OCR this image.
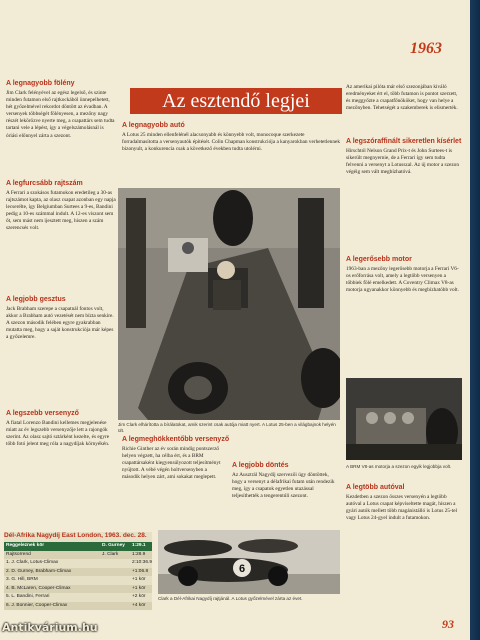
1963
Az esztendő legjei
A legnagyobb fölény
Jim Clark felényével az egész legelső, és szinte minden futamon első rajtkockából ünnepelhetett, hét győzelmével rekordot döntött az évadban. A versenyek többségét fölényesen, a mezőny nagy részét lekörözve nyerte meg, a csapattárs sem tudta tartani vele a lépést, így a végelszámolásnál is óriási előnnyel zárta a szezont.
A legfurcsább rajtszám
A Ferrari a szokásos futamokon eredetileg a 30-as rajtszámot kapta, az olasz csapat azonban egy napja lecserélte, így Belgiumban Surtees a 9-es, Bandini pedig a 10-es számmal indult. A 12-es viszont sem őt, sem mást nem ijesztett meg, hiszen a szám szerencsés volt.
A legjobb gesztus
Jack Brabham szerepe a csapatnál fontos volt, akkor a Brabham autó vezetését nem bízta senkire. A szezon második felében egyre gyakrabban mutatta meg, hogy a saját konstrukciója már képes a győzelemre.
A legszebb versenyző
A fiatal Lorenzo Bandini kellemes megjelenése miatt az év legszebb versenyzője lett a rajongók szerint. Az olasz sajtó sztárként kezelte, és egyre több fotó jelent meg róla a nagydíjak környékén.
A legnagyobb autó
A Lotus 25 minden ellenfelénél alacsonyabb és könnyebb volt, monocoque szerkezete forradalmasította a versenyautók építését. Colin Chapman konstrukciója a kanyarokban verhetetlennek bizonyult, a konkurencia csak a következő években tudta utolérni.
Jim Clark elhárította a bírálatokat, amik szerint csak autója miatt nyert. A Lotus 25-ben a világbajnok helyén ült.
A legmeghökkentőbb versenyző
Richie Ginther az év során mindig pontszerző helyen végzett, ha célba ért, és a BRM csapattársaként kiegyensúlyozott teljesítményt nyújtott. A vébé végén holtversenyben a második helyen zárt, ami sokakat meglepett.
A legjobb döntés
Az Ausztrál Nagydíj szervezői úgy döntöttek, hogy a versenyt a délafrikai futam után rendezik meg, így a csapatok egyetlen utazással teljesíthették a tengerentúli szezont.
6
Clark a Dél-Afrikai Nagydíj rajtjánál. A Lotus győzelmével zárta az évet.
Az amerikai pilóta már első szezonjában kiváló eredményeket ért el, több futamon is pontot szerzett, és meggyőzte a csapatfőnököket, hogy van helye a mezőnyben. Tehetségét a szakemberek is elismerték.
A legszóraffinált sikeretlen kísérlet
Hirschtól Nelson Grand Prix-t és John Surtees-t is sikerült megnyernie, de a Ferrari így sem tudta felvenni a versenyt a Lotusszal. Az új motor a szezon végéig sem vált megbízhatóvá.
A legerősebb motor
1963-ban a mezőny legerősebb motorja a Ferrari V6-os erőforrása volt, amely a legtöbb versenyen a többiek fölé emelkedett. A Coventry Climax V8-as motorja ugyanakkor könnyebb és megbízhatóbb volt.
A BRM V8-as motorja a szezon egyik legjobbja volt.
A legtöbb autóval
Kezdetben a szezon összes versenyén a legtöbb autóval a Lotus csapat képviseltette magát, hiszen a gyári autók mellett több magánistálló is Lotus 25-tel vagy Lotus 24-gyel indult a futamokon.
Dél-Afrika Nagydíj East London, 1963. dec. 28.
Reggeleznek kör	D. Gurney 1:29.1
Rajtsorrend	J. Clark	1:28.9
1. J. Clark, Lotus-Climax	2:10:36.9
2. D. Gurney, Brabham-Climax	+1:06.8
3. G. Hill, BRM	+1 kör
4. B. McLaren, Cooper-Climax	+1 kör
5. L. Bandini, Ferrari	+2 kör
6. J. Bonnier, Cooper-Climax	+4 kör
93
Antikvárium.hu
